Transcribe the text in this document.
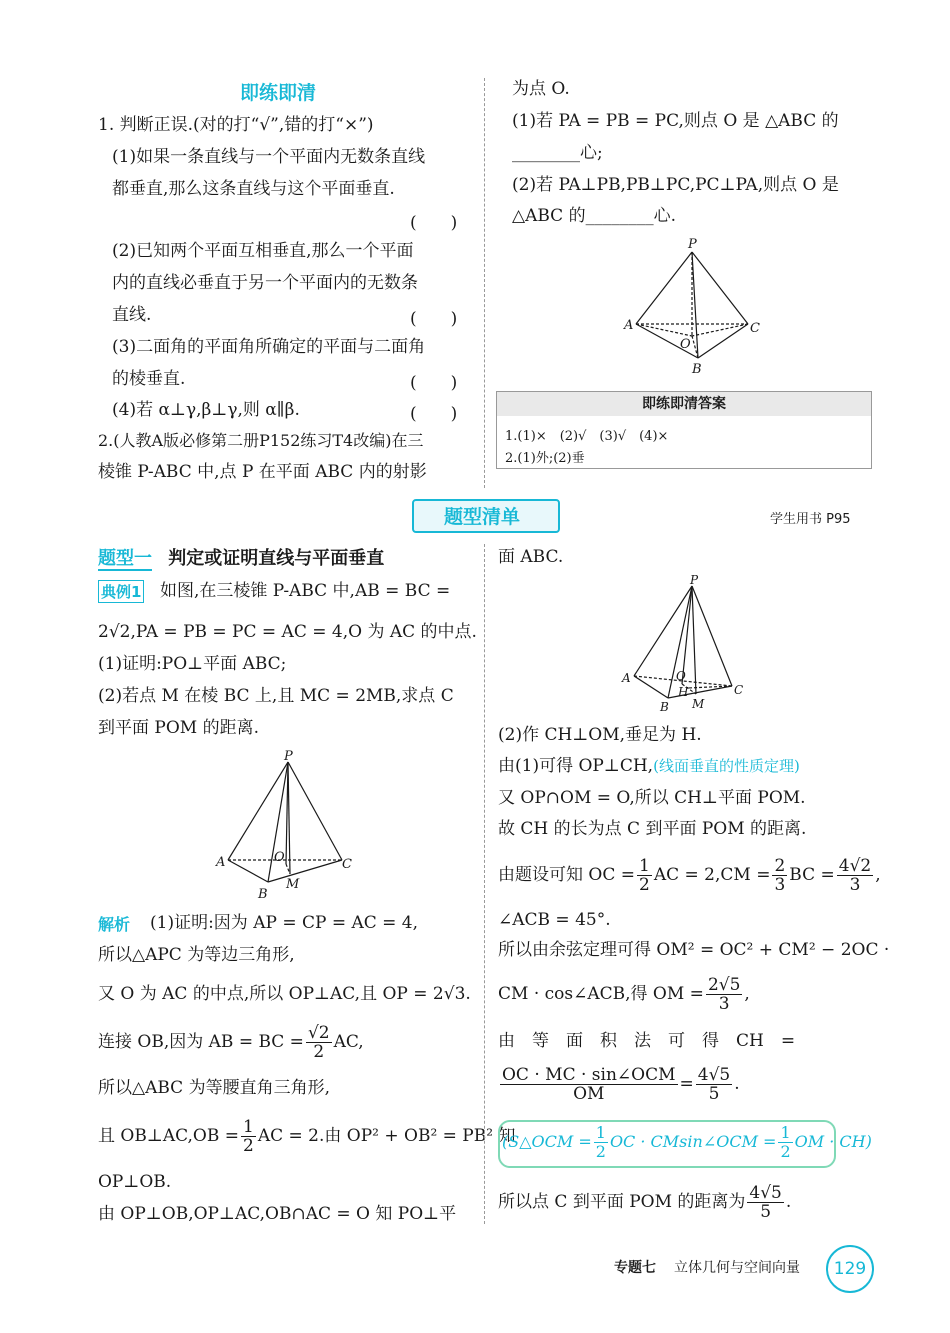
即练即清
1. 判断正误.(对的打“√”,错的打“×”)
(1)如果一条直线与一个平面内无数条直线
都垂直,那么这条直线与这个平面垂直.
(　　)
(2)已知两个平面互相垂直,那么一个平面
内的直线必垂直于另一个平面内的无数条
直线.	(　　)
(3)二面角的平面角所确定的平面与二面角
的棱垂直.	(　　)
(4)若 α⊥γ,β⊥γ,则 α∥β.	(　　)
2.(人教A版必修第二册P152练习T4改编)在三
棱锥 P-ABC 中,点 P 在平面 ABC 内的射影
为点 O.
(1)若 PA = PB = PC,则点 O 是 △ABC 的
________心;
(2)若 PA⊥PB,PB⊥PC,PC⊥PA,则点 O 是
△ABC 的________心.
P
A	C
B
O
即练即清答案
1.(1)×　(2)√　(3)√　(4)×
2.(1)外;(2)垂
题型清单	学生用书 P95
题型一 判定或证明直线与平面垂直
典例1 如图,在三棱锥 P-ABC 中,AB = BC =
2√2,PA = PB = PC = AC = 4,O 为 AC 的中点.
(1)证明:PO⊥平面 ABC;
(2)若点 M 在棱 BC 上,且 MC = 2MB,求点 C
到平面 POM 的距离.
P
A	C
B
O
M
解析 (1)证明:因为 AP = CP = AC = 4,
所以△APC 为等边三角形,
又 O 为 AC 的中点,所以 OP⊥AC,且 OP = 2√3.
连接 OB,因为 AB = BC = $\frac{√2}{2}$ AC,
所以△ABC 为等腰直角三角形,
且 OB⊥AC,OB = $\frac{1}{2}$ AC = 2.由 OP² + OB² = PB² 知
OP⊥OB.
由 OP⊥OB,OP⊥AC,OB∩AC = O 知 PO⊥平
面 ABC.
P
A
C
B
O
H
M
(2)作 CH⊥OM,垂足为 H.
由(1)可得 OP⊥CH,(线面垂直的性质定理)
又 OP∩OM = O,所以 CH⊥平面 POM.
故 CH 的长为点 C 到平面 POM 的距离.
由题设可知 OC = $\frac{1}{2}$ AC = $2,CM = \frac{2}{3}$ BC = $\frac{4√2}{3}$ ,
∠ACB = 45°.
所以由余弦定理可得 OM² = OC² + CM² − 2OC ·
CM · cos∠ACB,得 OM = $\frac{2√5}{3}$ ,
由　等　面　积　法　可　得　CH　=
$\frac{\text{OC · MC · sin∠OCM}}{OM} = \frac{4√5}{5}$ .
(S△OCM = $\frac{1}{2}$ OC · CMsin∠OCM = $\frac{1}{2}$ OM · CH)
所以点 C 到平面 POM 的距离为 $\frac{4√5}{5}$ .
专题七 立体几何与空间向量	129
